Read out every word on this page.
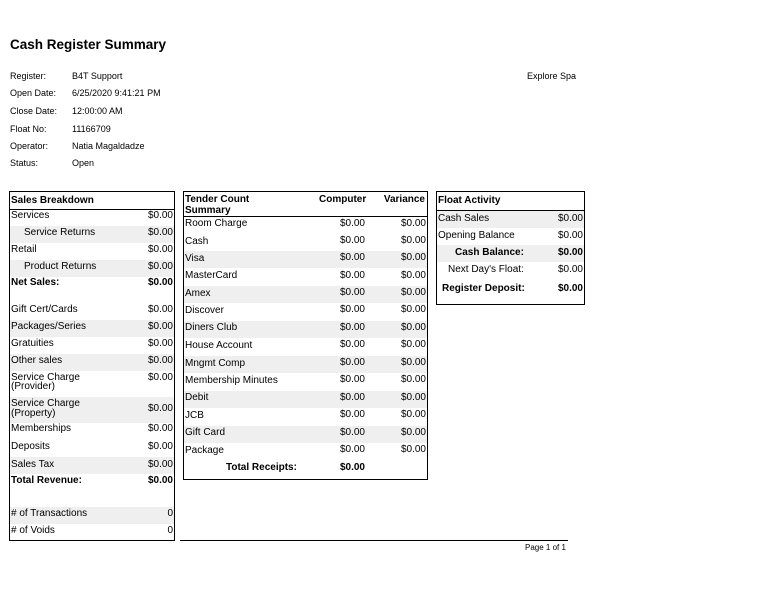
Cash Register Summary
Register:	B4T Support
Open Date: 6/25/2020 9:41:21 PM
Close Date: 12:00:00 AM
Float No:	11166709
Operator:	Natia Magaldadze
Status:	Open
Explore Spa
Sales Breakdown
Services	$0.00
Service Returns	$0.00
Retail	$0.00
Product Returns	$0.00
Net Sales:	$0.00
Gift Cert/Cards	$0.00
Packages/Series	$0.00
Gratuities	$0.00
Other sales	$0.00
Service Charge
(Provider)
$0.00
Service Charge
(Property)	$0.00
Memberships	$0.00
Deposits	$0.00
Sales Tax	$0.00
Total Revenue:	$0.00
# of Transactions	0
# of Voids	0
Tender Count
Summary
Computer Variance
Room Charge	$0.00	$0.00
Cash	$0.00	$0.00
Visa	$0.00	$0.00
MasterCard	$0.00	$0.00
Amex	$0.00	$0.00
Discover	$0.00	$0.00
Diners Club	$0.00	$0.00
House Account	$0.00	$0.00
Mngmt Comp	$0.00	$0.00
Membership Minutes	$0.00	$0.00
Debit	$0.00	$0.00
JCB	$0.00	$0.00
Gift Card	$0.00	$0.00
Package	$0.00	$0.00
Total Receipts:	$0.00
Float Activity
Cash Sales	$0.00
Opening Balance	$0.00
Cash Balance:	$0.00
Next Day's Float:	$0.00
Register Deposit:	$0.00
Page 1 of 1
